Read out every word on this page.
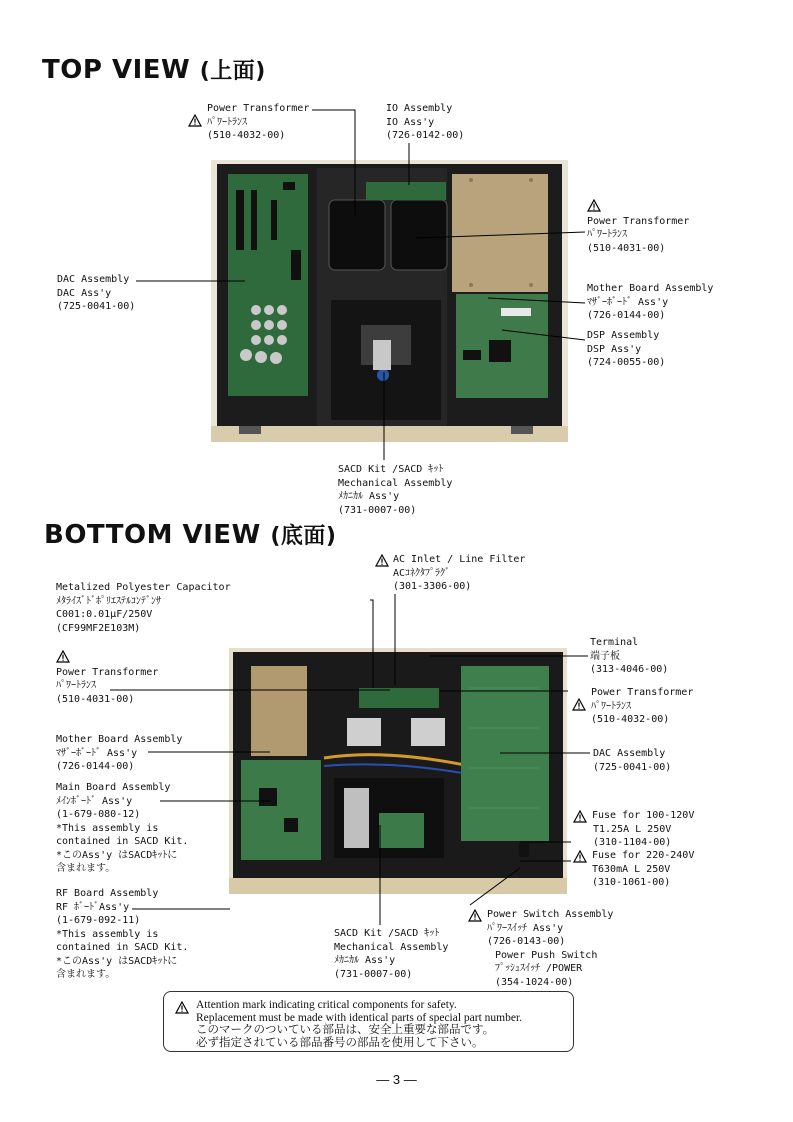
TOP VIEW (上面)
Power Transformer
ﾊﾟﾜｰﾄﾗﾝｽ
(510-4032-00)
IO Assembly
IO Ass'y
(726-0142-00)
Power Transformer
ﾊﾟﾜｰﾄﾗﾝｽ
(510-4031-00)
DAC Assembly
DAC Ass'y
(725-0041-00)
Mother Board Assembly
ﾏｻﾞｰﾎﾞｰﾄﾞ Ass'y
(726-0144-00)
DSP Assembly
DSP Ass'y
(724-0055-00)
SACD Kit /SACD ｷｯﾄ
Mechanical Assembly
ﾒｶﾆｶﾙ Ass'y
(731-0007-00)
BOTTOM VIEW (底面)
Metalized Polyester Capacitor
ﾒﾀﾗｲｽﾞﾄﾞﾎﾟﾘｴｽﾃﾙｺﾝﾃﾞﾝｻ
C001:0.01μF/250V
(CF99MF2E103M)
AC Inlet / Line Filter
ACｺﾈｸﾀﾌﾟﾗｸﾞ
(301-3306-00)
Terminal
端子板
(313-4046-00)
Power Transformer
ﾊﾟﾜｰﾄﾗﾝｽ
(510-4031-00)
Power Transformer
ﾊﾟﾜｰﾄﾗﾝｽ
(510-4032-00)
Mother Board Assembly
ﾏｻﾞｰﾎﾞｰﾄﾞ Ass'y
(726-0144-00)
DAC Assembly
(725-0041-00)
Main Board Assembly
ﾒｲﾝﾎﾞｰﾄﾞ Ass'y
(1-679-080-12)
*This assembly is
contained in SACD Kit.
*このAss'y はSACDｷｯﾄに
含まれます。
Fuse for 100-120V
T1.25A L 250V
(310-1104-00)
Fuse for 220-240V
T630mA L 250V
(310-1061-00)
RF Board Assembly
RF ﾎﾞｰﾄﾞAss'y
(1-679-092-11)
*This assembly is
contained in SACD Kit.
*このAss'y はSACDｷｯﾄに
含まれます。
SACD Kit /SACD ｷｯﾄ
Mechanical Assembly
ﾒｶﾆｶﾙ Ass'y
(731-0007-00)
Power Switch Assembly
ﾊﾟﾜｰｽｲｯﾁ Ass'y
(726-0143-00)
Power Push Switch
ﾌﾟｯｼｭｽｲｯﾁ /POWER
(354-1024-00)
Attention mark indicating critical components for safety.
Replacement must be made with identical parts of special part number.
このマークのついている部品は、安全上重要な部品です。
必ず指定されている部品番号の部品を使用して下さい。
— 3 —
